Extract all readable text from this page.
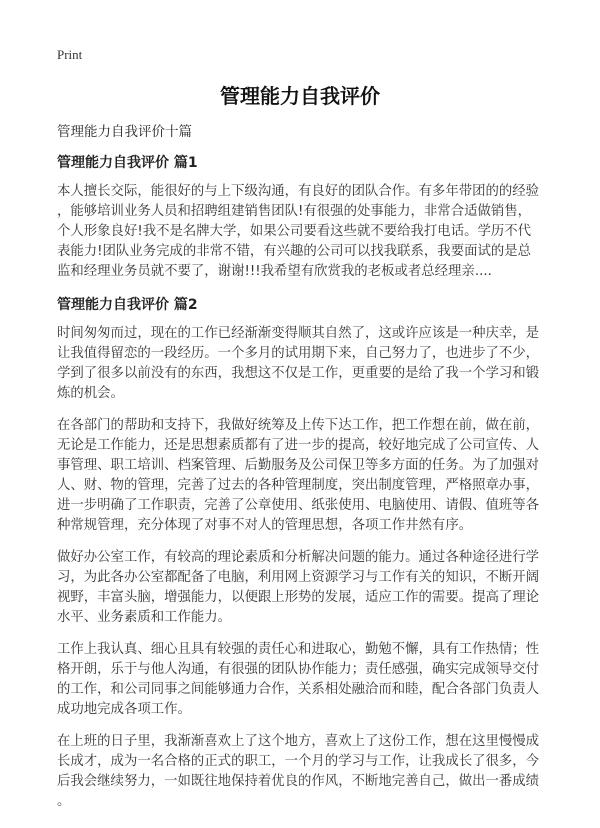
Print
管理能力自我评价
管理能力自我评价十篇
管理能力自我评价 篇1
本人擅长交际，能很好的与上下级沟通，有良好的团队合作。有多年带团的的经验
，能够培训业务人员和招聘组建销售团队!有很强的处事能力，非常合适做销售，
个人形象良好!我不是名牌大学，如果公司要看这些就不要给我打电话。学历不代
表能力!团队业务完成的非常不错，有兴趣的公司可以找我联系，我要面试的是总
监和经理业务员就不要了，谢谢!!!我希望有欣赏我的老板或者总经理亲....
管理能力自我评价 篇2
时间匆匆而过，现在的工作已经渐渐变得顺其自然了，这或许应该是一种庆幸，是
让我值得留恋的一段经历。一个多月的试用期下来，自己努力了，也进步了不少，
学到了很多以前没有的东西，我想这不仅是工作，更重要的是给了我一个学习和锻
炼的机会。
在各部门的帮助和支持下，我做好统筹及上传下达工作，把工作想在前，做在前，
无论是工作能力，还是思想素质都有了进一步的提高，较好地完成了公司宣传、人
事管理、职工培训、档案管理、后勤服务及公司保卫等多方面的任务。为了加强对
人、财、物的管理，完善了过去的各种管理制度，突出制度管理，严格照章办事，
进一步明确了工作职责，完善了公章使用、纸张使用、电脑使用、请假、值班等各
种常规管理，充分体现了对事不对人的管理思想，各项工作井然有序。
做好办公室工作，有较高的理论素质和分析解决问题的能力。通过各种途径进行学
习，为此各办公室都配备了电脑，利用网上资源学习与工作有关的知识，不断开阔
视野，丰富头脑，增强能力，以便跟上形势的发展，适应工作的需要。提高了理论
水平、业务素质和工作能力。
工作上我认真、细心且具有较强的责任心和进取心，勤勉不懈，具有工作热情；性
格开朗，乐于与他人沟通，有很强的团队协作能力；责任感强，确实完成领导交付
的工作，和公司同事之间能够通力合作，关系相处融洽而和睦，配合各部门负责人
成功地完成各项工作。
在上班的日子里，我渐渐喜欢上了这个地方，喜欢上了这份工作，想在这里慢慢成
长成才，成为一名合格的正式的职工，一个月的学习与工作，让我成长了很多，今
后我会继续努力，一如既往地保持着优良的作风，不断地完善自己，做出一番成绩
。
